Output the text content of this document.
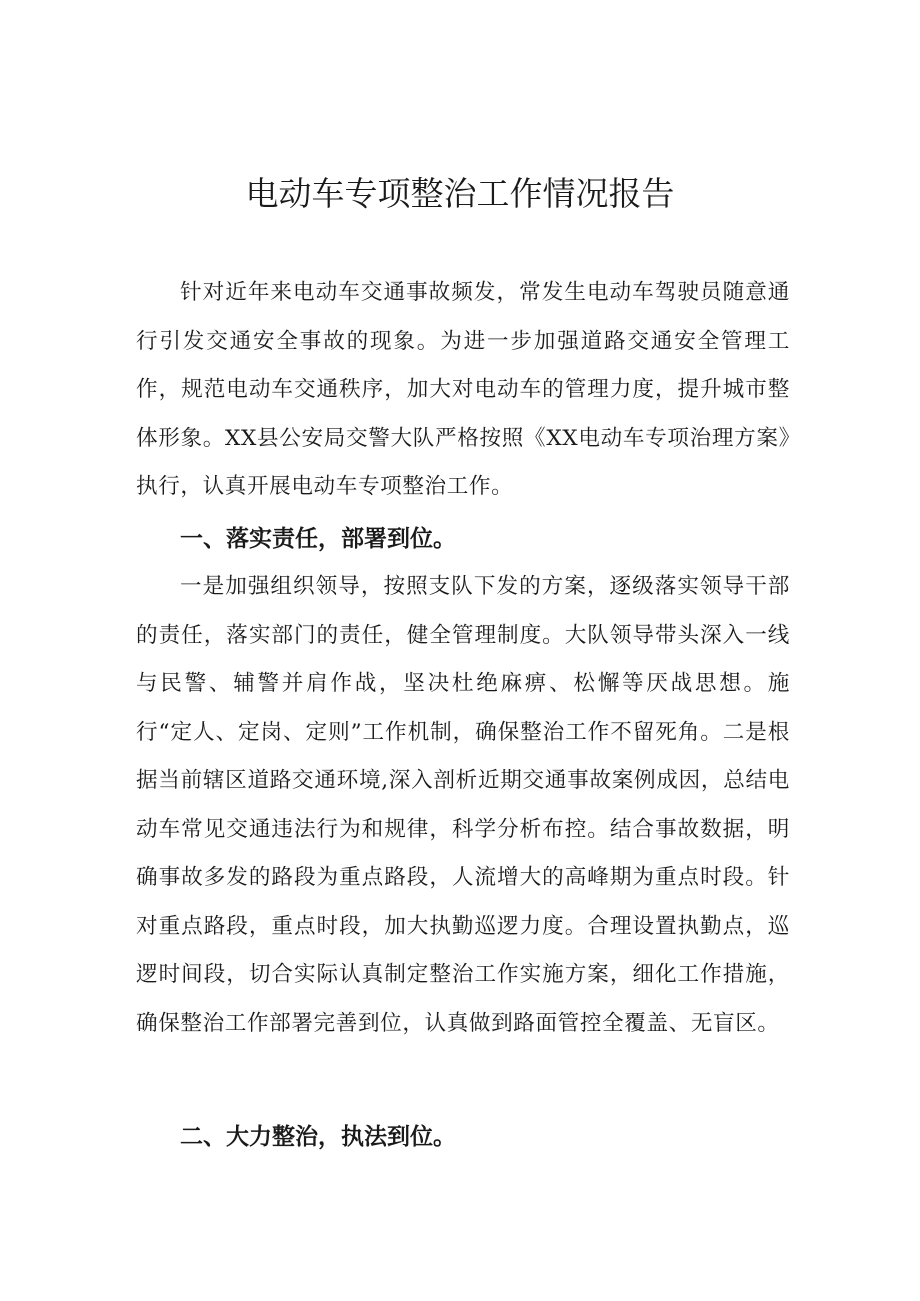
电动车专项整治工作情况报告

针对近年来电动车交通事故频发，常发生电动车驾驶员随意通行引发交通安全事故的现象。为进一步加强道路交通安全管理工作，规范电动车交通秩序，加大对电动车的管理力度，提升城市整体形象。XX县公安局交警大队严格按照《XX电动车专项治理方案》执行，认真开展电动车专项整治工作。

一、落实责任，部署到位。

一是加强组织领导，按照支队下发的方案，逐级落实领导干部的责任，落实部门的责任，健全管理制度。大队领导带头深入一线与民警、辅警并肩作战，坚决杜绝麻痹、松懈等厌战思想。施行“定人、定岗、定则”工作机制，确保整治工作不留死角。二是根据当前辖区道路交通环境,深入剖析近期交通事故案例成因，总结电动车常见交通违法行为和规律，科学分析布控。结合事故数据，明确事故多发的路段为重点路段，人流增大的高峰期为重点时段。针对重点路段，重点时段，加大执勤巡逻力度。合理设置执勤点，巡逻时间段，切合实际认真制定整治工作实施方案，细化工作措施，确保整治工作部署完善到位，认真做到路面管控全覆盖、无盲区。

二、大力整治，执法到位。
